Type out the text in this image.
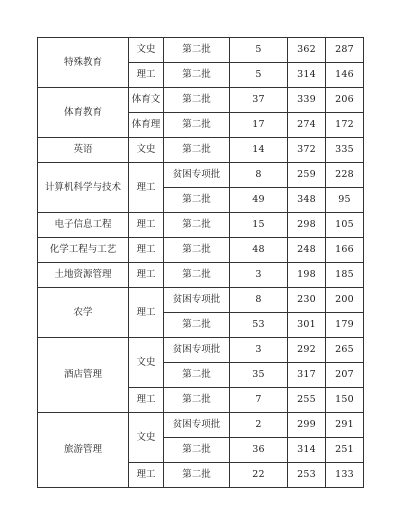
特殊教育	文史	第二批	5	362	287
	理工	第二批	5	314	146
体育教育	体育文	第二批	37	339	206
	体育理	第二批	17	274	172
英语	文史	第二批	14	372	335
计算机科学与技术	理工	贫困专项批	8	259	228
		第二批	49	348	95
电子信息工程	理工	第二批	15	298	105
化学工程与工艺	理工	第二批	48	248	166
土地资源管理	理工	第二批	3	198	185
农学	理工	贫困专项批	8	230	200
		第二批	53	301	179
酒店管理	文史	贫困专项批	3	292	265
		第二批	35	317	207
	理工	第二批	7	255	150
旅游管理	文史	贫困专项批	2	299	291
		第二批	36	314	251
	理工	第二批	22	253	133
